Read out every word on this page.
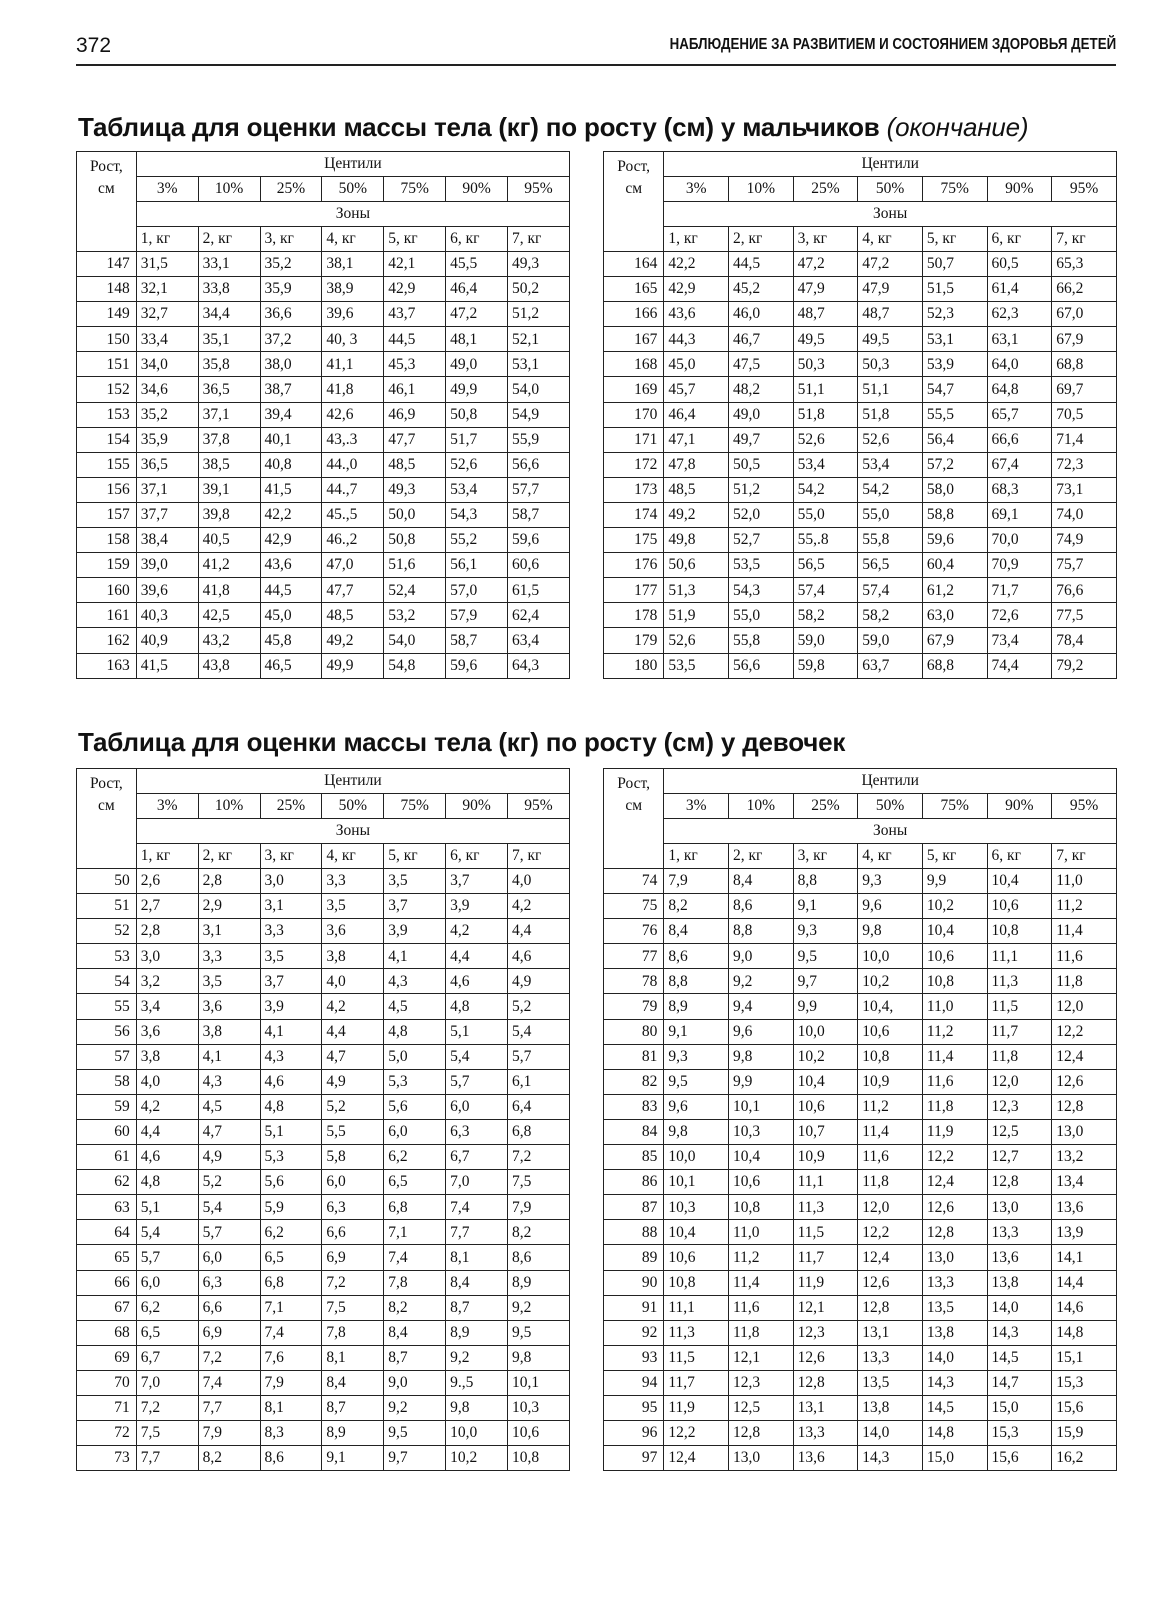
372	НАБЛЮДЕНИЕ ЗА РАЗВИТИЕМ И СОСТОЯНИЕМ ЗДОРОВЬЯ ДЕТЕЙ
Таблица для оценки массы тела (кг) по росту (см) у мальчиков (окончание)
Рост,
см	Центили						
	3%	10%	25%	50%	75%	90%	95%
	Зоны						
	1, кг	2, кг	3, кг	4, кг	5, кг	6, кг	7, кг
147	31,5	33,1	35,2	38,1	42,1	45,5	49,3
148	32,1	33,8	35,9	38,9	42,9	46,4	50,2
149	32,7	34,4	36,6	39,6	43,7	47,2	51,2
150	33,4	35,1	37,2	40, 3	44,5	48,1	52,1
151	34,0	35,8	38,0	41,1	45,3	49,0	53,1
152	34,6	36,5	38,7	41,8	46,1	49,9	54,0
153	35,2	37,1	39,4	42,6	46,9	50,8	54,9
154	35,9	37,8	40,1	43,.3	47,7	51,7	55,9
155	36,5	38,5	40,8	44.,0	48,5	52,6	56,6
156	37,1	39,1	41,5	44.,7	49,3	53,4	57,7
157	37,7	39,8	42,2	45.,5	50,0	54,3	58,7
158	38,4	40,5	42,9	46.,2	50,8	55,2	59,6
159	39,0	41,2	43,6	47,0	51,6	56,1	60,6
160	39,6	41,8	44,5	47,7	52,4	57,0	61,5
161	40,3	42,5	45,0	48,5	53,2	57,9	62,4
162	40,9	43,2	45,8	49,2	54,0	58,7	63,4
163	41,5	43,8	46,5	49,9	54,8	59,6	64,3
Рост,
см	Центили						
	3%	10%	25%	50%	75%	90%	95%
	Зоны						
	1, кг	2, кг	3, кг	4, кг	5, кг	6, кг	7, кг
164	42,2	44,5	47,2	47,2	50,7	60,5	65,3
165	42,9	45,2	47,9	47,9	51,5	61,4	66,2
166	43,6	46,0	48,7	48,7	52,3	62,3	67,0
167	44,3	46,7	49,5	49,5	53,1	63,1	67,9
168	45,0	47,5	50,3	50,3	53,9	64,0	68,8
169	45,7	48,2	51,1	51,1	54,7	64,8	69,7
170	46,4	49,0	51,8	51,8	55,5	65,7	70,5
171	47,1	49,7	52,6	52,6	56,4	66,6	71,4
172	47,8	50,5	53,4	53,4	57,2	67,4	72,3
173	48,5	51,2	54,2	54,2	58,0	68,3	73,1
174	49,2	52,0	55,0	55,0	58,8	69,1	74,0
175	49,8	52,7	55,.8	55,8	59,6	70,0	74,9
176	50,6	53,5	56,5	56,5	60,4	70,9	75,7
177	51,3	54,3	57,4	57,4	61,2	71,7	76,6
178	51,9	55,0	58,2	58,2	63,0	72,6	77,5
179	52,6	55,8	59,0	59,0	67,9	73,4	78,4
180	53,5	56,6	59,8	63,7	68,8	74,4	79,2
Таблица для оценки массы тела (кг) по росту (см) у девочек
Рост,
см	Центили						
	3%	10%	25%	50%	75%	90%	95%
	Зоны						
	1, кг	2, кг	3, кг	4, кг	5, кг	6, кг	7, кг
50	2,6	2,8	3,0	3,3	3,5	3,7	4,0
51	2,7	2,9	3,1	3,5	3,7	3,9	4,2
52	2,8	3,1	3,3	3,6	3,9	4,2	4,4
53	3,0	3,3	3,5	3,8	4,1	4,4	4,6
54	3,2	3,5	3,7	4,0	4,3	4,6	4,9
55	3,4	3,6	3,9	4,2	4,5	4,8	5,2
56	3,6	3,8	4,1	4,4	4,8	5,1	5,4
57	3,8	4,1	4,3	4,7	5,0	5,4	5,7
58	4,0	4,3	4,6	4,9	5,3	5,7	6,1
59	4,2	4,5	4,8	5,2	5,6	6,0	6,4
60	4,4	4,7	5,1	5,5	6,0	6,3	6,8
61	4,6	4,9	5,3	5,8	6,2	6,7	7,2
62	4,8	5,2	5,6	6,0	6,5	7,0	7,5
63	5,1	5,4	5,9	6,3	6,8	7,4	7,9
64	5,4	5,7	6,2	6,6	7,1	7,7	8,2
65	5,7	6,0	6,5	6,9	7,4	8,1	8,6
66	6,0	6,3	6,8	7,2	7,8	8,4	8,9
67	6,2	6,6	7,1	7,5	8,2	8,7	9,2
68	6,5	6,9	7,4	7,8	8,4	8,9	9,5
69	6,7	7,2	7,6	8,1	8,7	9,2	9,8
70	7,0	7,4	7,9	8,4	9,0	9.,5	10,1
71	7,2	7,7	8,1	8,7	9,2	9,8	10,3
72	7,5	7,9	8,3	8,9	9,5	10,0	10,6
73	7,7	8,2	8,6	9,1	9,7	10,2	10,8
Рост,
см	Центили						
	3%	10%	25%	50%	75%	90%	95%
	Зоны						
	1, кг	2, кг	3, кг	4, кг	5, кг	6, кг	7, кг
74	7,9	8,4	8,8	9,3	9,9	10,4	11,0
75	8,2	8,6	9,1	9,6	10,2	10,6	11,2
76	8,4	8,8	9,3	9,8	10,4	10,8	11,4
77	8,6	9,0	9,5	10,0	10,6	11,1	11,6
78	8,8	9,2	9,7	10,2	10,8	11,3	11,8
79	8,9	9,4	9,9	10,4,	11,0	11,5	12,0
80	9,1	9,6	10,0	10,6	11,2	11,7	12,2
81	9,3	9,8	10,2	10,8	11,4	11,8	12,4
82	9,5	9,9	10,4	10,9	11,6	12,0	12,6
83	9,6	10,1	10,6	11,2	11,8	12,3	12,8
84	9,8	10,3	10,7	11,4	11,9	12,5	13,0
85	10,0	10,4	10,9	11,6	12,2	12,7	13,2
86	10,1	10,6	11,1	11,8	12,4	12,8	13,4
87	10,3	10,8	11,3	12,0	12,6	13,0	13,6
88	10,4	11,0	11,5	12,2	12,8	13,3	13,9
89	10,6	11,2	11,7	12,4	13,0	13,6	14,1
90	10,8	11,4	11,9	12,6	13,3	13,8	14,4
91	11,1	11,6	12,1	12,8	13,5	14,0	14,6
92	11,3	11,8	12,3	13,1	13,8	14,3	14,8
93	11,5	12,1	12,6	13,3	14,0	14,5	15,1
94	11,7	12,3	12,8	13,5	14,3	14,7	15,3
95	11,9	12,5	13,1	13,8	14,5	15,0	15,6
96	12,2	12,8	13,3	14,0	14,8	15,3	15,9
97	12,4	13,0	13,6	14,3	15,0	15,6	16,2
